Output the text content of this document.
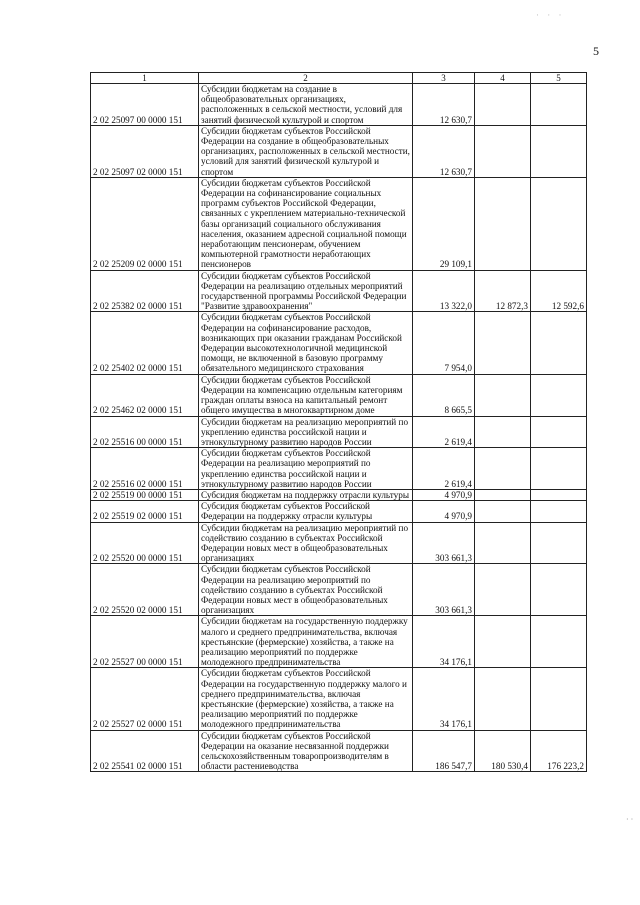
· · ·
5
1	2	3	4	5
2 02 25097 00 0000 151	Субсидии бюджетам на создание в общеобразовательных организациях, расположенных в сельской местности, условий для занятий физической культурой и спортом	12 630,7		
2 02 25097 02 0000 151	Субсидии бюджетам субъектов Российской Федерации на создание в общеобразовательных организациях, расположенных в сельской местности, условий для занятий физической культурой и спортом	12 630,7		
2 02 25209 02 0000 151	Субсидии бюджетам субъектов Российской Федерации на софинансирование социальных программ субъектов Российской Федерации, связанных с укреплением материально-технической базы организаций социального обслуживания населения, оказанием адресной социальной помощи неработающим пенсионерам, обучением компьютерной грамотности неработающих пенсионеров	29 109,1		
2 02 25382 02 0000 151	Субсидии бюджетам субъектов Российской Федерации на реализацию отдельных мероприятий государственной программы Российской Федерации "Развитие здравоохранения"	13 322,0	12 872,3	12 592,6
2 02 25402 02 0000 151	Субсидии бюджетам субъектов Российской Федерации на софинансирование расходов, возникающих при оказании гражданам Российской Федерации высокотехнологичной медицинской помощи, не включенной в базовую программу обязательного медицинского страхования	7 954,0		
2 02 25462 02 0000 151	Субсидии бюджетам субъектов Российской Федерации на компенсацию отдельным категориям граждан оплаты взноса на капитальный ремонт общего имущества в многоквартирном доме	8 665,5		
2 02 25516 00 0000 151	Субсидии бюджетам на реализацию мероприятий по укреплению единства российской нации и этнокультурному развитию народов России	2 619,4		
2 02 25516 02 0000 151	Субсидии бюджетам субъектов Российской Федерации на реализацию мероприятий по укреплению единства российской нации и этнокультурному развитию народов России	2 619,4		
2 02 25519 00 0000 151	Субсидия бюджетам на поддержку отрасли культуры	4 970,9		
2 02 25519 02 0000 151	Субсидия бюджетам субъектов Российской Федерации на поддержку отрасли культуры	4 970,9		
2 02 25520 00 0000 151	Субсидии бюджетам на реализацию мероприятий по содействию созданию в субъектах Российской Федерации новых мест в общеобразовательных организациях	303 661,3		
2 02 25520 02 0000 151	Субсидии бюджетам субъектов Российской Федерации на реализацию мероприятий по содействию созданию в субъектах Российской Федерации новых мест в общеобразовательных организациях	303 661,3		
2 02 25527 00 0000 151	Субсидии бюджетам на государственную поддержку малого и среднего предпринимательства, включая крестьянские (фермерские) хозяйства, а также на реализацию мероприятий по поддержке молодежного предпринимательства	34 176,1		
2 02 25527 02 0000 151	Субсидии бюджетам субъектов Российской Федерации на государственную поддержку малого и среднего предпринимательства, включая крестьянские (фермерские) хозяйства, а также на реализацию мероприятий по поддержке молодежного предпринимательства	34 176,1		
2 02 25541 02 0000 151	Субсидии бюджетам субъектов Российской Федерации на оказание несвязанной поддержки сельскохозяйственным товаропроизводителям в области растениеводства	186 547,7	180 530,4	176 223,2
· ·
